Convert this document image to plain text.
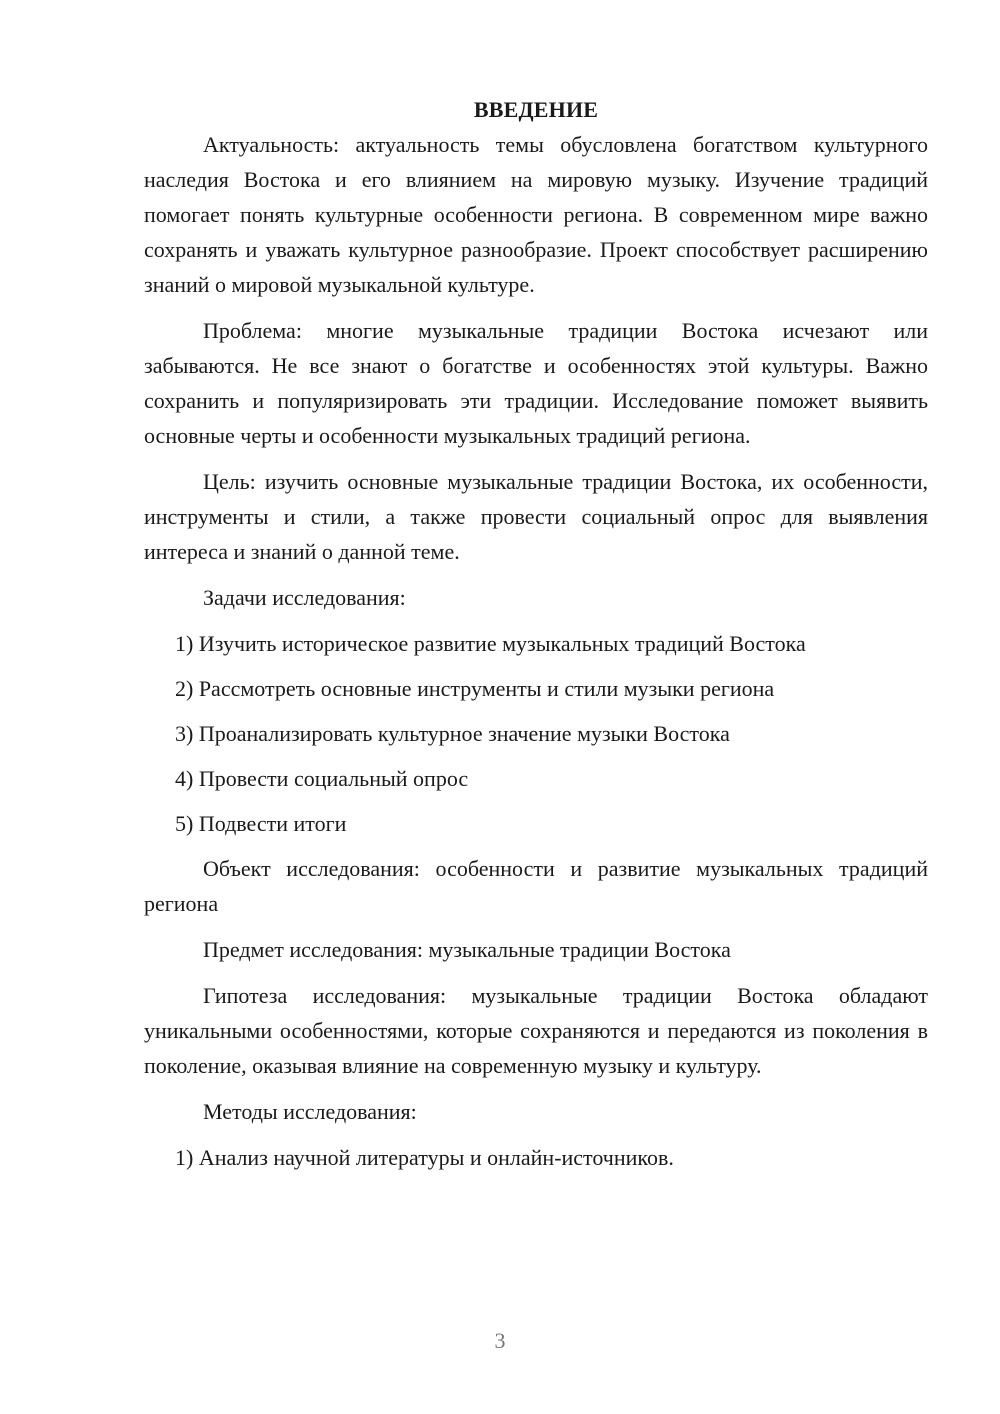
ВВЕДЕНИЕ

Актуальность: актуальность темы обусловлена богатством культурного наследия Востока и его влиянием на мировую музыку. Изучение традиций помогает понять культурные особенности региона. В современном мире важно сохранять и уважать культурное разнообразие. Проект способствует расширению знаний о мировой музыкальной культуре.

Проблема: многие музыкальные традиции Востока исчезают или забываются. Не все знают о богатстве и особенностях этой культуры. Важно сохранить и популяризировать эти традиции. Исследование поможет выявить основные черты и особенности музыкальных традиций региона.

Цель: изучить основные музыкальные традиции Востока, их особенности, инструменты и стили, а также провести социальный опрос для выявления интереса и знаний о данной теме.

Задачи исследования:

1) Изучить историческое развитие музыкальных традиций Востока

2) Рассмотреть основные инструменты и стили музыки региона

3) Проанализировать культурное значение музыки Востока

4) Провести социальный опрос

5) Подвести итоги

Объект исследования: особенности и развитие музыкальных традиций региона

Предмет исследования: музыкальные традиции Востока

Гипотеза исследования: музыкальные традиции Востока обладают уникальными особенностями, которые сохраняются и передаются из поколения в поколение, оказывая влияние на современную музыку и культуру.

Методы исследования:

1) Анализ научной литературы и онлайн-источников.

3
